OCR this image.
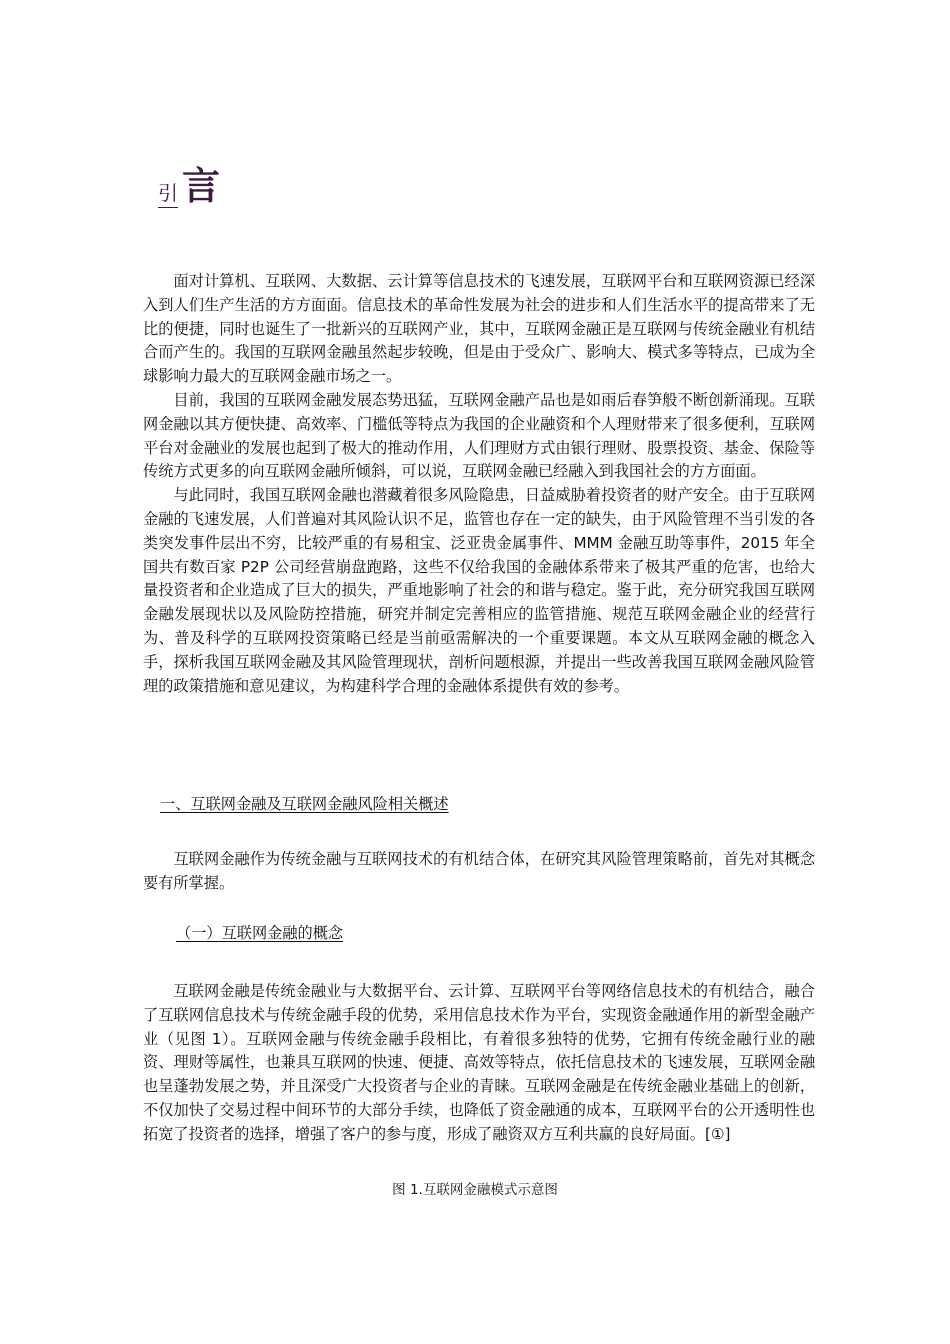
引 言

面对计算机、互联网、大数据、云计算等信息技术的飞速发展，互联网平台和互联网资源已经深入到人们生产生活的方方面面。信息技术的革命性发展为社会的进步和人们生活水平的提高带来了无比的便捷，同时也诞生了一批新兴的互联网产业，其中，互联网金融正是互联网与传统金融业有机结合而产生的。我国的互联网金融虽然起步较晚，但是由于受众广、影响大、模式多等特点，已成为全球影响力最大的互联网金融市场之一。

目前，我国的互联网金融发展态势迅猛，互联网金融产品也是如雨后春笋般不断创新涌现。互联网金融以其方便快捷、高效率、门槛低等特点为我国的企业融资和个人理财带来了很多便利，互联网平台对金融业的发展也起到了极大的推动作用，人们理财方式由银行理财、股票投资、基金、保险等传统方式更多的向互联网金融所倾斜，可以说，互联网金融已经融入到我国社会的方方面面。

与此同时，我国互联网金融也潜藏着很多风险隐患，日益威胁着投资者的财产安全。由于互联网金融的飞速发展，人们普遍对其风险认识不足，监管也存在一定的缺失，由于风险管理不当引发的各类突发事件层出不穷，比较严重的有易租宝、泛亚贵金属事件、MMM 金融互助等事件，2015 年全国共有数百家 P2P 公司经营崩盘跑路，这些不仅给我国的金融体系带来了极其严重的危害，也给大量投资者和企业造成了巨大的损失，严重地影响了社会的和谐与稳定。鉴于此，充分研究我国互联网金融发展现状以及风险防控措施，研究并制定完善相应的监管措施、规范互联网金融企业的经营行为、普及科学的互联网投资策略已经是当前亟需解决的一个重要课题。本文从互联网金融的概念入手，探析我国互联网金融及其风险管理现状，剖析问题根源，并提出一些改善我国互联网金融风险管理的政策措施和意见建议，为构建科学合理的金融体系提供有效的参考。

一、互联网金融及互联网金融风险相关概述

互联网金融作为传统金融与互联网技术的有机结合体，在研究其风险管理策略前，首先对其概念要有所掌握。

（一）互联网金融的概念

互联网金融是传统金融业与大数据平台、云计算、互联网平台等网络信息技术的有机结合，融合了互联网信息技术与传统金融手段的优势，采用信息技术作为平台，实现资金融通作用的新型金融产业（见图 1）。互联网金融与传统金融手段相比，有着很多独特的优势，它拥有传统金融行业的融资、理财等属性，也兼具互联网的快速、便捷、高效等特点，依托信息技术的飞速发展，互联网金融也呈蓬勃发展之势，并且深受广大投资者与企业的青睐。互联网金融是在传统金融业基础上的创新，不仅加快了交易过程中间环节的大部分手续，也降低了资金融通的成本，互联网平台的公开透明性也拓宽了投资者的选择，增强了客户的参与度，形成了融资双方互利共赢的良好局面。[①]

图 1.互联网金融模式示意图
